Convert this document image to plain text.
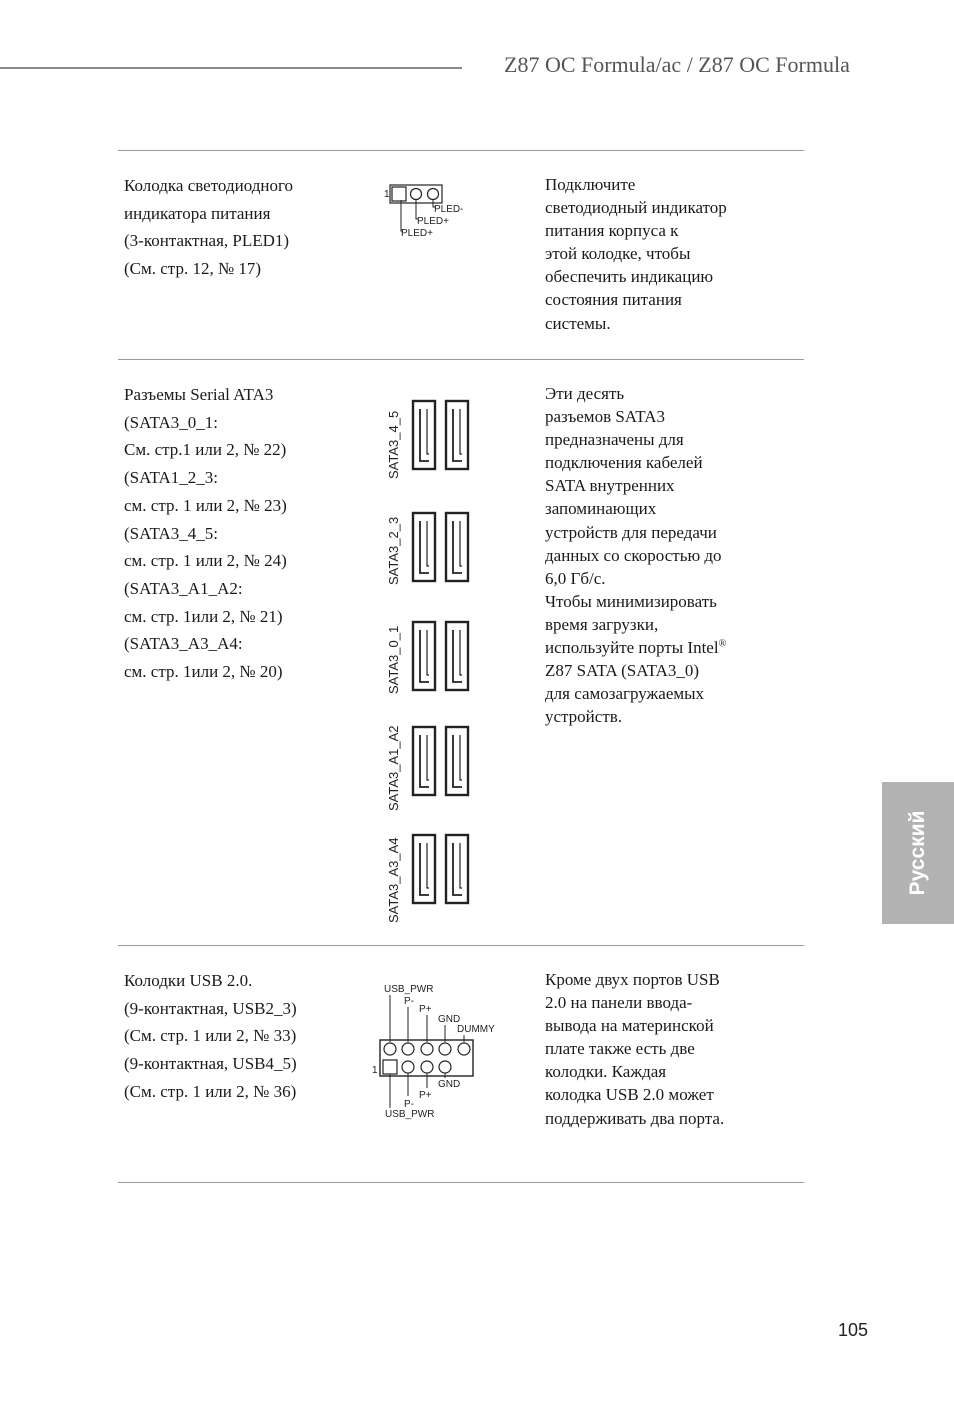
Z87 OC Formula/ac / Z87 OC Formula
Колодка светодиодного
индикатора питания
(3-контактная, PLED1)
(См. стр. 12, № 17)
1
PLED-
PLED+
PLED+
Подключите
светодиодный индикатор
питания корпуса к
этой колодке, чтобы
обеспечить индикацию
состояния питания
системы.
Разъемы Serial ATA3
(SATA3_0_1:
См. стр.1 или 2, № 22)
(SATA1_2_3:
см. стр. 1 или 2, № 23)
(SATA3_4_5:
см. стр. 1 или 2, № 24)
(SATA3_A1_A2:
см. стр. 1или 2, № 21)
(SATA3_A3_A4:
см. стр. 1или 2, № 20)
SATA3_4_5
SATA3_2_3
SATA3_0_1
SATA3_A1_A2
SATA3_A3_A4
Эти десять
разъемов SATA3
предназначены для
подключения кабелей
SATA внутренних
запоминающих
устройств для передачи
данных со скоростью до
6,0 Гб/с.
Чтобы минимизировать
время загрузки,
используйте порты Intel®
Z87 SATA (SATA3_0)
для самозагружаемых
устройств.
Колодки USB 2.0.
(9-контактная, USB2_3)
(См. стр. 1 или 2, № 33)
(9-контактная, USB4_5)
(См. стр. 1 или 2, № 36)
USB_PWR
P-
P+
GND
DUMMY
1
GND
P+
P-
USB_PWR
Кроме двух портов USB
2.0 на панели ввода-
вывода на материнской
плате также есть две
колодки. Каждая
колодка USB 2.0 может
поддерживать два порта.
Русский
105
